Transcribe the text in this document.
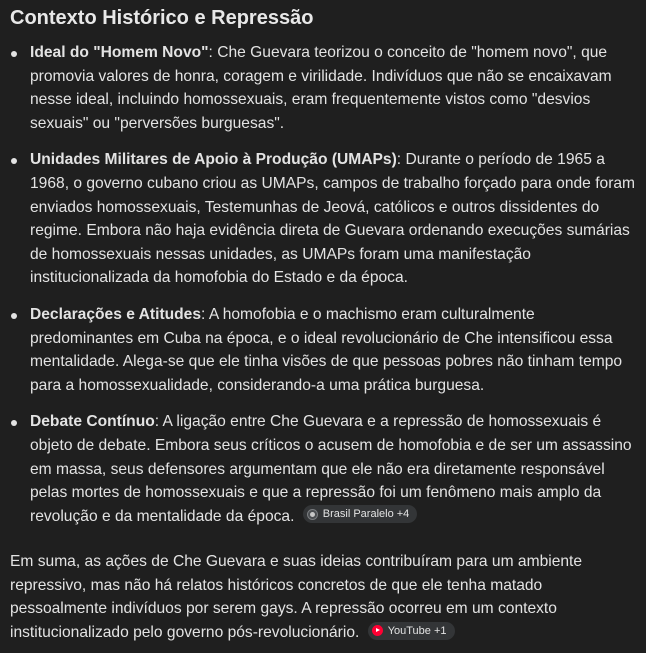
Contexto Histórico e Repressão
Ideal do "Homem Novo": Che Guevara teorizou o conceito de "homem novo", que promovia valores de honra, coragem e virilidade. Indivíduos que não se encaixavam nesse ideal, incluindo homossexuais, eram frequentemente vistos como "desvios sexuais" ou "perversões burguesas".
Unidades Militares de Apoio à Produção (UMAPs): Durante o período de 1965 a 1968, o governo cubano criou as UMAPs, campos de trabalho forçado para onde foram enviados homossexuais, Testemunhas de Jeová, católicos e outros dissidentes do regime. Embora não haja evidência direta de Guevara ordenando execuções sumárias de homossexuais nessas unidades, as UMAPs foram uma manifestação institucionalizada da homofobia do Estado e da época.
Declarações e Atitudes: A homofobia e o machismo eram culturalmente predominantes em Cuba na época, e o ideal revolucionário de Che intensificou essa mentalidade. Alega-se que ele tinha visões de que pessoas pobres não tinham tempo para a homossexualidade, considerando-a uma prática burguesa.
Debate Contínuo: A ligação entre Che Guevara e a repressão de homossexuais é objeto de debate. Embora seus críticos o acusem de homofobia e de ser um assassino em massa, seus defensores argumentam que ele não era diretamente responsável pelas mortes de homossexuais e que a repressão foi um fenômeno mais amplo da revolução e da mentalidade da época.	Brasil Paralelo +4

Em suma, as ações de Che Guevara e suas ideias contribuíram para um ambiente repressivo, mas não há relatos históricos concretos de que ele tenha matado pessoalmente indivíduos por serem gays. A repressão ocorreu em um contexto institucionalizado pelo governo pós-revolucionário.	YouTube +1
